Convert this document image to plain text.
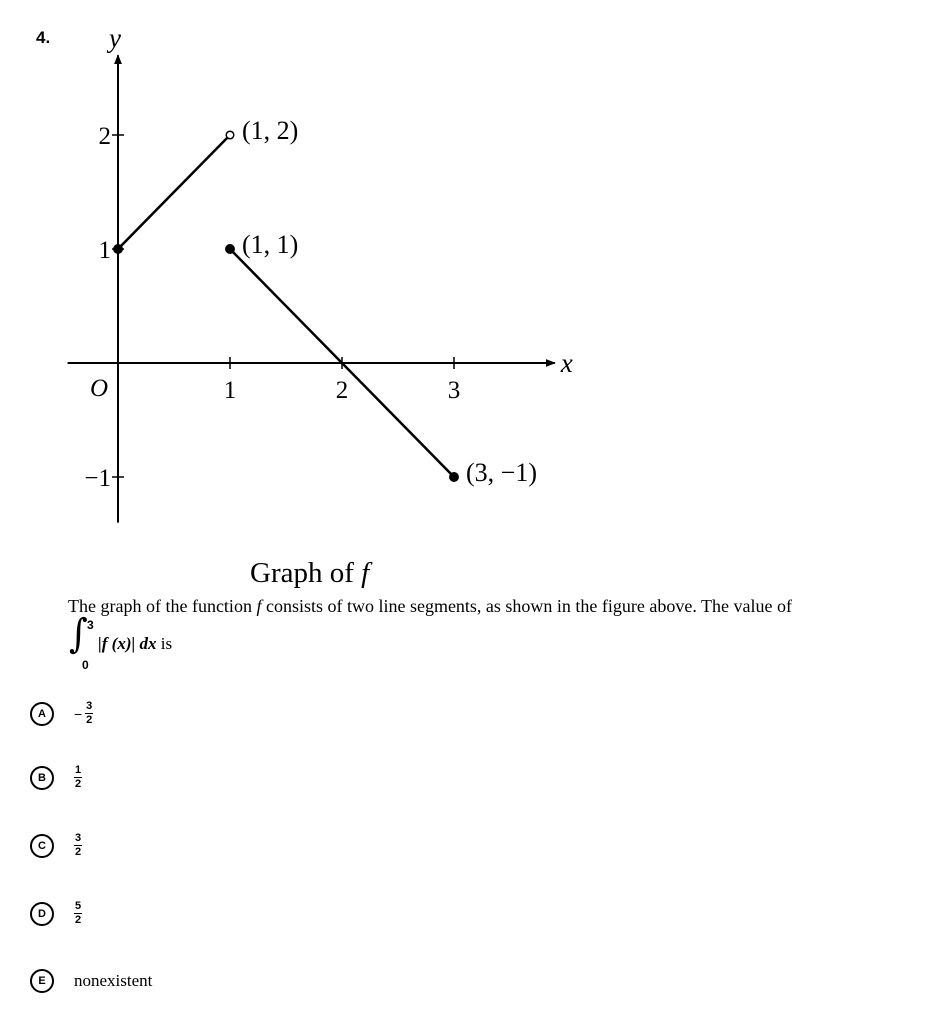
4.
x
y
O	1	2	3
2
1
−1
(1, 2)
(1, 1)
(3, −1)
Graph of f
The graph of the function f consists of two line segments, as shown in the figure above. The value of
∫ 3
0
|f (x)| dx is
A	− $\frac{3}{2}$
B	$\frac{1}{2}$
C	$\frac{3}{2}$
D	$\frac{5}{2}$
E	nonexistent
